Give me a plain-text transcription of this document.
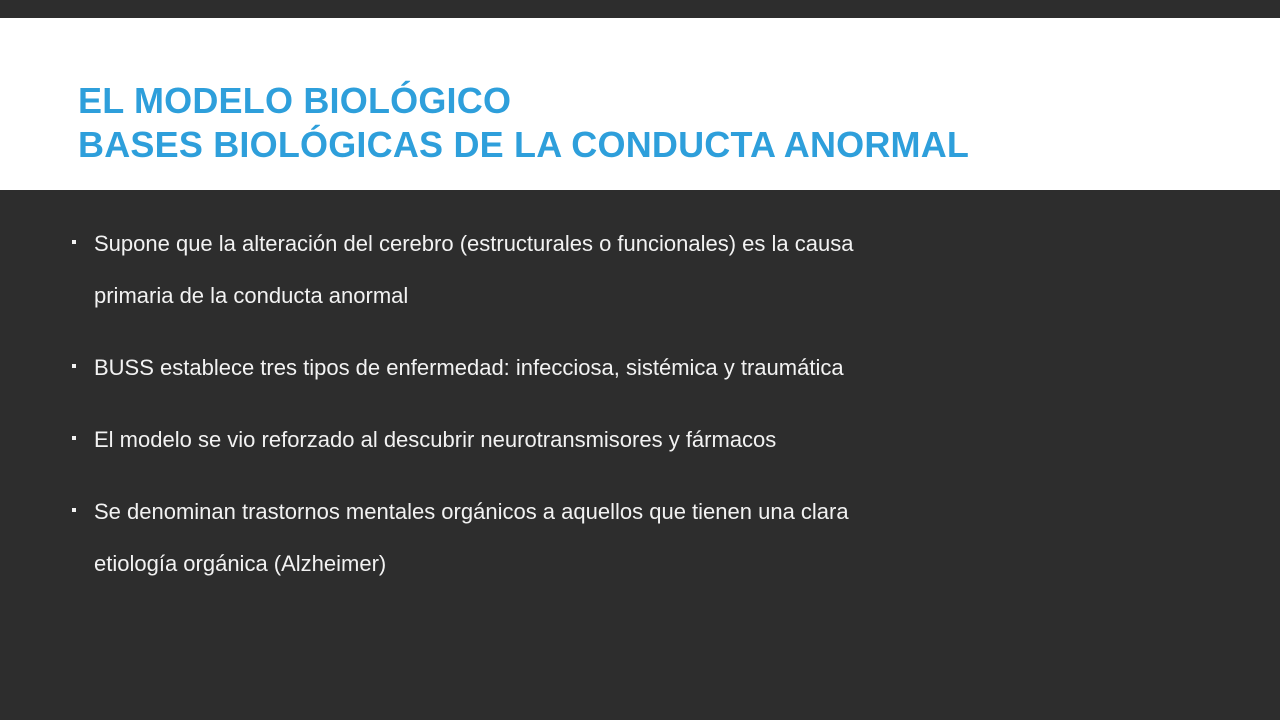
EL MODELO BIOLÓGICO
BASES BIOLÓGICAS DE LA CONDUCTA ANORMAL
Supone que la alteración del cerebro (estructurales o funcionales) es la causa primaria de la conducta anormal
BUSS establece tres tipos de enfermedad: infecciosa, sistémica y traumática
El modelo se vio reforzado al descubrir neurotransmisores y fármacos
Se denominan trastornos mentales orgánicos a aquellos que tienen una clara etiología orgánica (Alzheimer)
